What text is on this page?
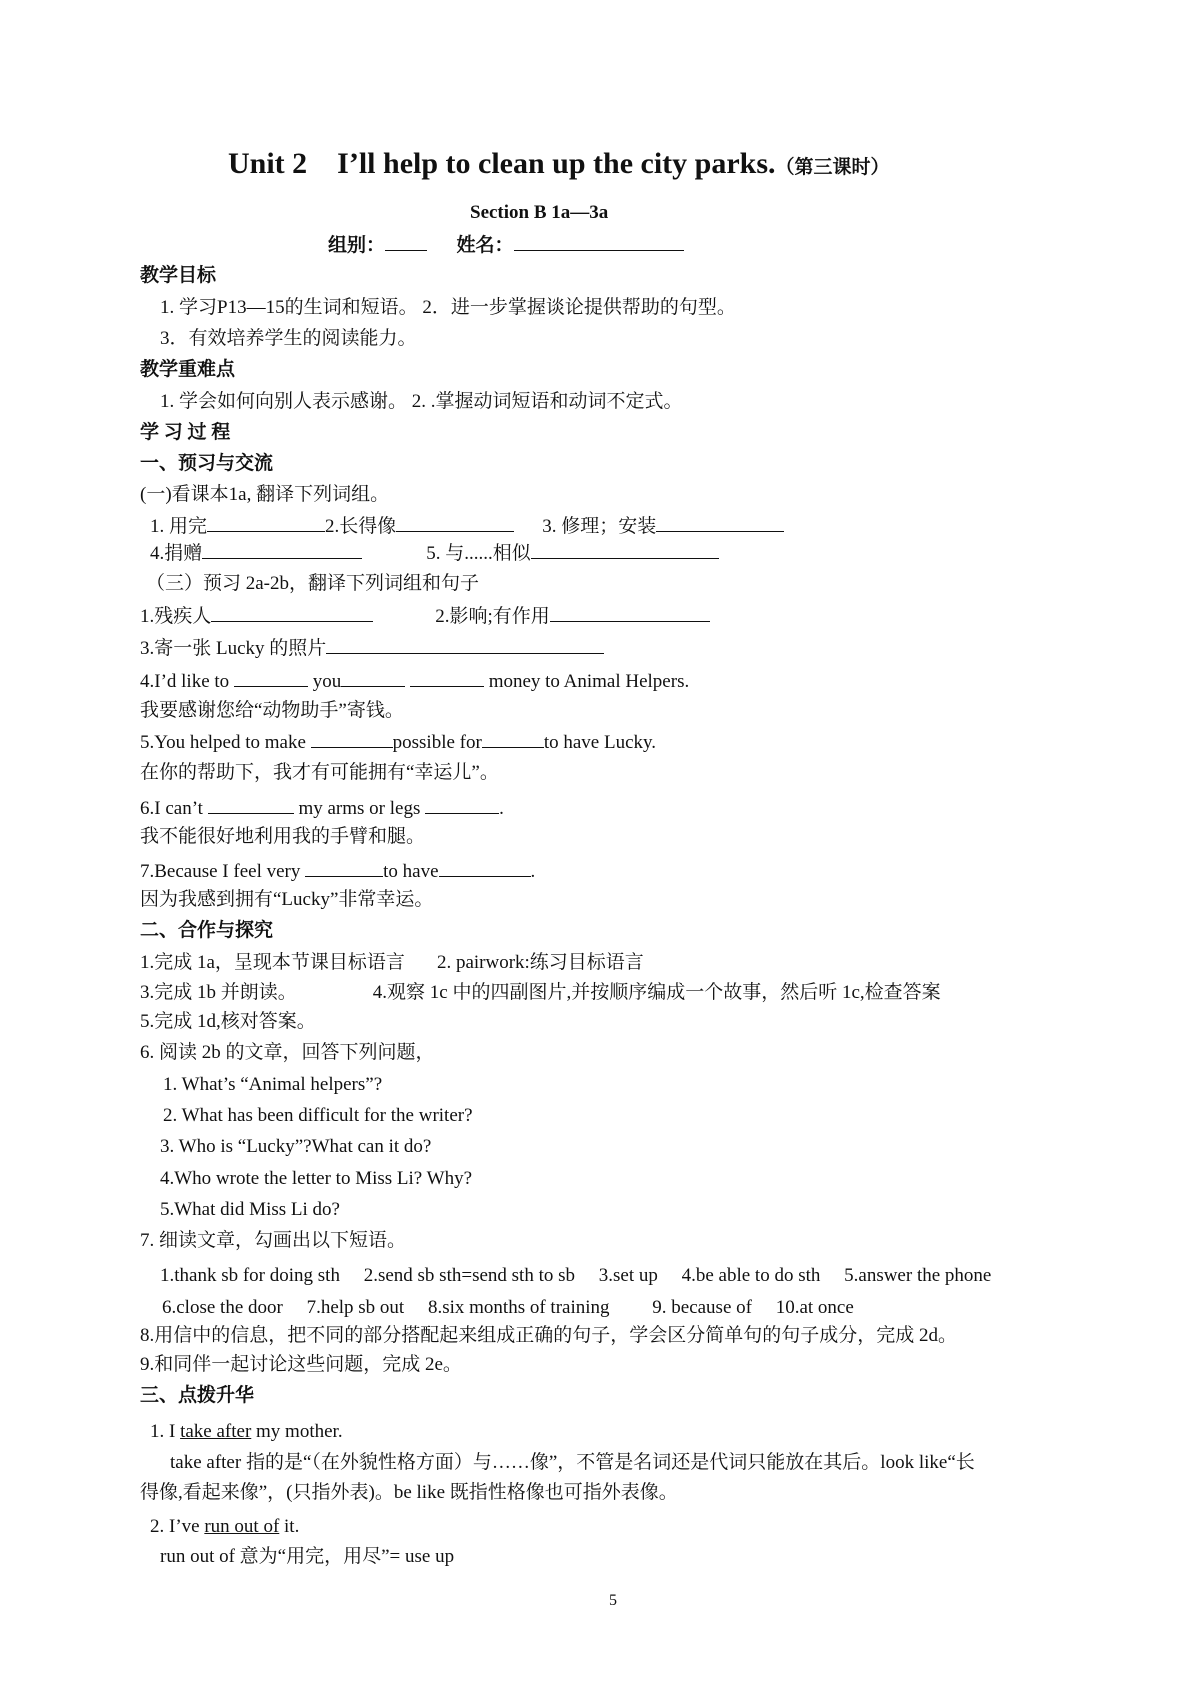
Unit 2　I’ll help to clean up the city parks.（第三课时）
Section B 1a—3a
组别：	姓名：
教学目标
1. 学习P13—15的生词和短语。 2．进一步掌握谈论提供帮助的句型。
3．有效培养学生的阅读能力。
教学重难点
1. 学会如何向别人表示感谢。 2. .掌握动词短语和动词不定式。
学 习 过 程
一、预习与交流
(一)看课本1a, 翻译下列词组。
1. 用完	2.长得像	3. 修理；安装
4.捐赠	5. 与......相似
（三）预习 2a-2b，翻译下列词组和句子
1.残疾人	2.影响;有作用
3.寄一张 Lucky 的照片
4.I’d like to	you	money to Animal Helpers.
我要感谢您给“动物助手”寄钱。
5.You helped to make	possible for	to have Lucky.
在你的帮助下，我才有可能拥有“幸运儿”。
6.I can’t	my arms or legs	.
我不能很好地利用我的手臂和腿。
7.Because I feel very	to have	.
因为我感到拥有“Lucky”非常幸运。
二、合作与探究
1.完成 1a，呈现本节课目标语言 2. pairwork:练习目标语言
3.完成 1b 并朗读。	4.观察 1c 中的四副图片,并按顺序编成一个故事，然后听 1c,检查答案
5.完成 1d,核对答案。
6. 阅读 2b 的文章，回答下列问题，
1. What’s “Animal helpers”?
2. What has been difficult for the writer?
3. Who is “Lucky”?What can it do?
4.Who wrote the letter to Miss Li? Why?
5.What did Miss Li do?
7. 细读文章，勾画出以下短语。
1.thank sb for doing sth　 2.send sb sth=send sth to sb　 3.set up　 4.be able to do sth　 5.answer the phone
6.close the door　 7.help sb out　 8.six months of training　　 9. because of　 10.at once
8.用信中的信息，把不同的部分搭配起来组成正确的句子，学会区分简单句的句子成分，完成 2d。
9.和同伴一起讨论这些问题，完成 2e。
三、点拨升华
1. I take after my mother.
take after 指的是“（在外貌性格方面）与……像”，不管是名词还是代词只能放在其后。look like“长
得像,看起来像”，(只指外表)。be like 既指性格像也可指外表像。
2. I’ve run out of it.
run out of 意为“用完，用尽”= use up
5
